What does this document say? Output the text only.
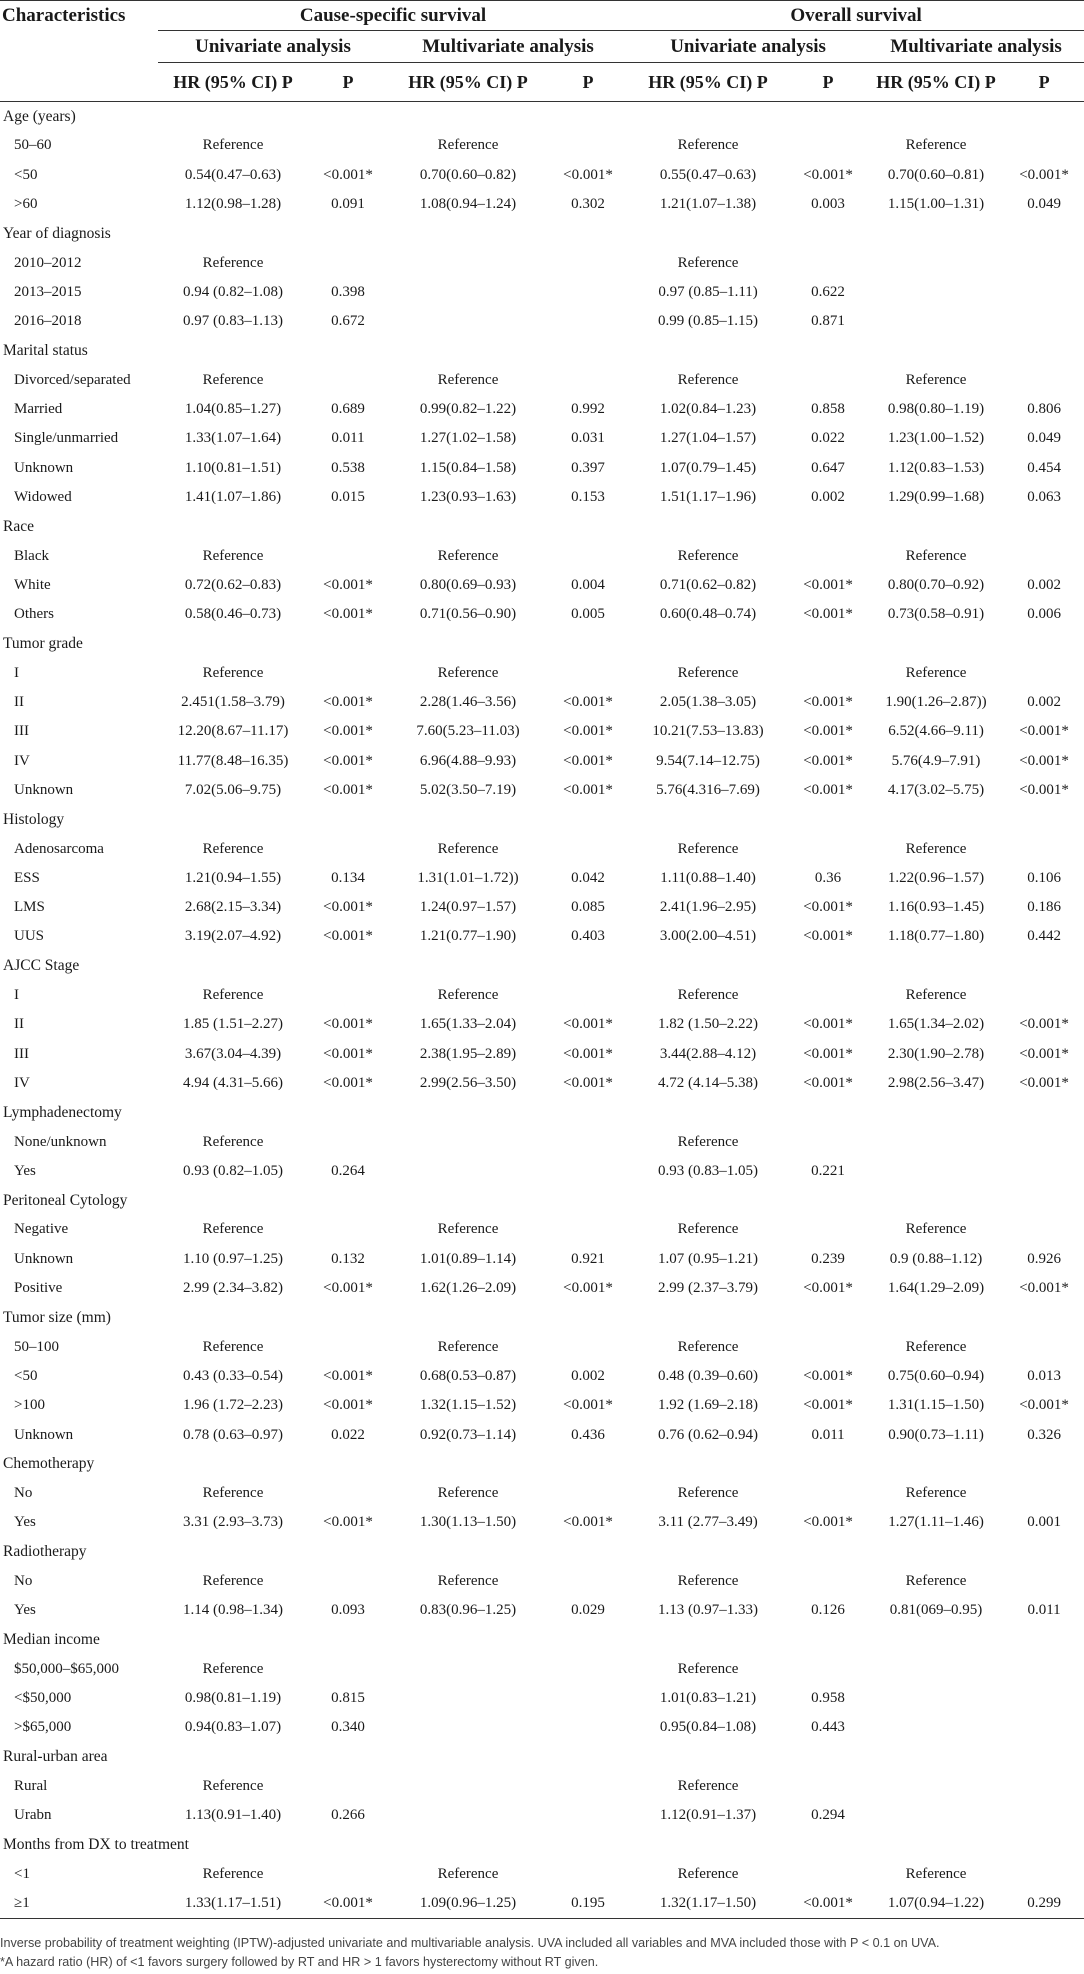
Characteristics	Cause-specific survival				Overall survival			
	Univariate analysis		Multivariate analysis		Univariate analysis		Multivariate analysis	
	HR (95% CI) P	P	HR (95% CI) P	P	HR (95% CI) P	P	HR (95% CI) P	P
Age (years)								
50–60	Reference		Reference		Reference		Reference	
<50	0.54(0.47–0.63)	<0.001*	0.70(0.60–0.82)	<0.001*	0.55(0.47–0.63)	<0.001*	0.70(0.60–0.81)	<0.001*
>60	1.12(0.98–1.28)	0.091	1.08(0.94–1.24)	0.302	1.21(1.07–1.38)	0.003	1.15(1.00–1.31)	0.049
Year of diagnosis								
2010–2012	Reference				Reference			
2013–2015	0.94 (0.82–1.08)	0.398			0.97 (0.85–1.11)	0.622		
2016–2018	0.97 (0.83–1.13)	0.672			0.99 (0.85–1.15)	0.871		
Marital status								
Divorced/separated	Reference		Reference		Reference		Reference	
Married	1.04(0.85–1.27)	0.689	0.99(0.82–1.22)	0.992	1.02(0.84–1.23)	0.858	0.98(0.80–1.19)	0.806
Single/unmarried	1.33(1.07–1.64)	0.011	1.27(1.02–1.58)	0.031	1.27(1.04–1.57)	0.022	1.23(1.00–1.52)	0.049
Unknown	1.10(0.81–1.51)	0.538	1.15(0.84–1.58)	0.397	1.07(0.79–1.45)	0.647	1.12(0.83–1.53)	0.454
Widowed	1.41(1.07–1.86)	0.015	1.23(0.93–1.63)	0.153	1.51(1.17–1.96)	0.002	1.29(0.99–1.68)	0.063
Race								
Black	Reference		Reference		Reference		Reference	
White	0.72(0.62–0.83)	<0.001*	0.80(0.69–0.93)	0.004	0.71(0.62–0.82)	<0.001*	0.80(0.70–0.92)	0.002
Others	0.58(0.46–0.73)	<0.001*	0.71(0.56–0.90)	0.005	0.60(0.48–0.74)	<0.001*	0.73(0.58–0.91)	0.006
Tumor grade								
I	Reference		Reference		Reference		Reference	
II	2.451(1.58–3.79)	<0.001*	2.28(1.46–3.56)	<0.001*	2.05(1.38–3.05)	<0.001*	1.90(1.26–2.87))	0.002
III	12.20(8.67–11.17)	<0.001*	7.60(5.23–11.03)	<0.001*	10.21(7.53–13.83)	<0.001*	6.52(4.66–9.11)	<0.001*
IV	11.77(8.48–16.35)	<0.001*	6.96(4.88–9.93)	<0.001*	9.54(7.14–12.75)	<0.001*	5.76(4.9–7.91)	<0.001*
Unknown	7.02(5.06–9.75)	<0.001*	5.02(3.50–7.19)	<0.001*	5.76(4.316–7.69)	<0.001*	4.17(3.02–5.75)	<0.001*
Histology								
Adenosarcoma	Reference		Reference		Reference		Reference	
ESS	1.21(0.94–1.55)	0.134	1.31(1.01–1.72))	0.042	1.11(0.88–1.40)	0.36	1.22(0.96–1.57)	0.106
LMS	2.68(2.15–3.34)	<0.001*	1.24(0.97–1.57)	0.085	2.41(1.96–2.95)	<0.001*	1.16(0.93–1.45)	0.186
UUS	3.19(2.07–4.92)	<0.001*	1.21(0.77–1.90)	0.403	3.00(2.00–4.51)	<0.001*	1.18(0.77–1.80)	0.442
AJCC Stage								
I	Reference		Reference		Reference		Reference	
II	1.85 (1.51–2.27)	<0.001*	1.65(1.33–2.04)	<0.001*	1.82 (1.50–2.22)	<0.001*	1.65(1.34–2.02)	<0.001*
III	3.67(3.04–4.39)	<0.001*	2.38(1.95–2.89)	<0.001*	3.44(2.88–4.12)	<0.001*	2.30(1.90–2.78)	<0.001*
IV	4.94 (4.31–5.66)	<0.001*	2.99(2.56–3.50)	<0.001*	4.72 (4.14–5.38)	<0.001*	2.98(2.56–3.47)	<0.001*
Lymphadenectomy								
None/unknown	Reference				Reference			
Yes	0.93 (0.82–1.05)	0.264			0.93 (0.83–1.05)	0.221		
Peritoneal Cytology								
Negative	Reference		Reference		Reference		Reference	
Unknown	1.10 (0.97–1.25)	0.132	1.01(0.89–1.14)	0.921	1.07 (0.95–1.21)	0.239	0.9 (0.88–1.12)	0.926
Positive	2.99 (2.34–3.82)	<0.001*	1.62(1.26–2.09)	<0.001*	2.99 (2.37–3.79)	<0.001*	1.64(1.29–2.09)	<0.001*
Tumor size (mm)								
50–100	Reference		Reference		Reference		Reference	
<50	0.43 (0.33–0.54)	<0.001*	0.68(0.53–0.87)	0.002	0.48 (0.39–0.60)	<0.001*	0.75(0.60–0.94)	0.013
>100	1.96 (1.72–2.23)	<0.001*	1.32(1.15–1.52)	<0.001*	1.92 (1.69–2.18)	<0.001*	1.31(1.15–1.50)	<0.001*
Unknown	0.78 (0.63–0.97)	0.022	0.92(0.73–1.14)	0.436	0.76 (0.62–0.94)	0.011	0.90(0.73–1.11)	0.326
Chemotherapy								
No	Reference		Reference		Reference		Reference	
Yes	3.31 (2.93–3.73)	<0.001*	1.30(1.13–1.50)	<0.001*	3.11 (2.77–3.49)	<0.001*	1.27(1.11–1.46)	0.001
Radiotherapy								
No	Reference		Reference		Reference		Reference	
Yes	1.14 (0.98–1.34)	0.093	0.83(0.96–1.25)	0.029	1.13 (0.97–1.33)	0.126	0.81(069–0.95)	0.011
Median income								
$50,000–$65,000	Reference				Reference			
<$50,000	0.98(0.81–1.19)	0.815			1.01(0.83–1.21)	0.958		
>$65,000	0.94(0.83–1.07)	0.340			0.95(0.84–1.08)	0.443		
Rural-urban area								
Rural	Reference				Reference			
Urabn	1.13(0.91–1.40)	0.266			1.12(0.91–1.37)	0.294		
Months from DX to treatment								
<1	Reference		Reference		Reference		Reference	
≥1	1.33(1.17–1.51)	<0.001*	1.09(0.96–1.25)	0.195	1.32(1.17–1.50)	<0.001*	1.07(0.94–1.22)	0.299
Inverse probability of treatment weighting (IPTW)-adjusted univariate and multivariable analysis. UVA included all variables and MVA included those with P < 0.1 on UVA.
*A hazard ratio (HR) of <1 favors surgery followed by RT and HR > 1 favors hysterectomy without RT given.
